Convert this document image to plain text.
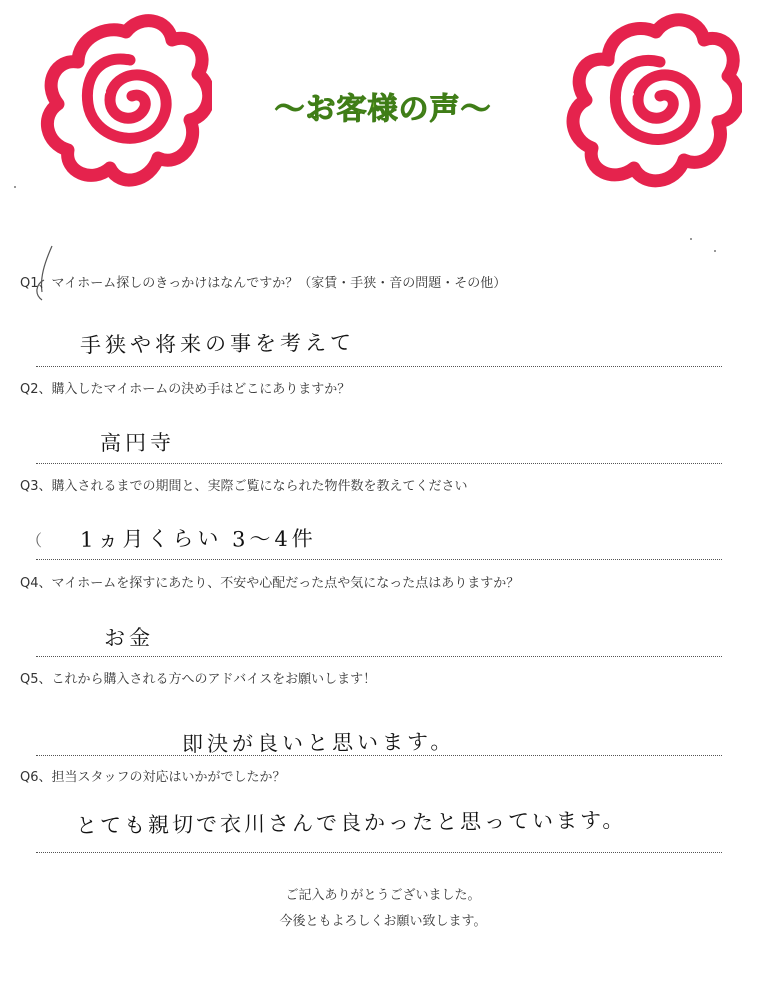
〜お客様の声〜
Q1、マイホーム探しのきっかけはなんですか？（家賃・手狭・音の問題・その他）
手狭や将来の事を考えて
Q2、購入したマイホームの決め手はどこにありますか？
高円寺
Q3、購入されるまでの期間と、実際ご覧になられた物件数を教えてください
（ 1ヵ月くらい 3〜4件
Q4、マイホームを探すにあたり、不安や心配だった点や気になった点はありますか？
お金
Q5、これから購入される方へのアドバイスをお願いします！
即決が良いと思います。
Q6、担当スタッフの対応はいかがでしたか？
とても親切で衣川さんで良かったと思っています。
ご記入ありがとうございました。
今後ともよろしくお願い致します。
